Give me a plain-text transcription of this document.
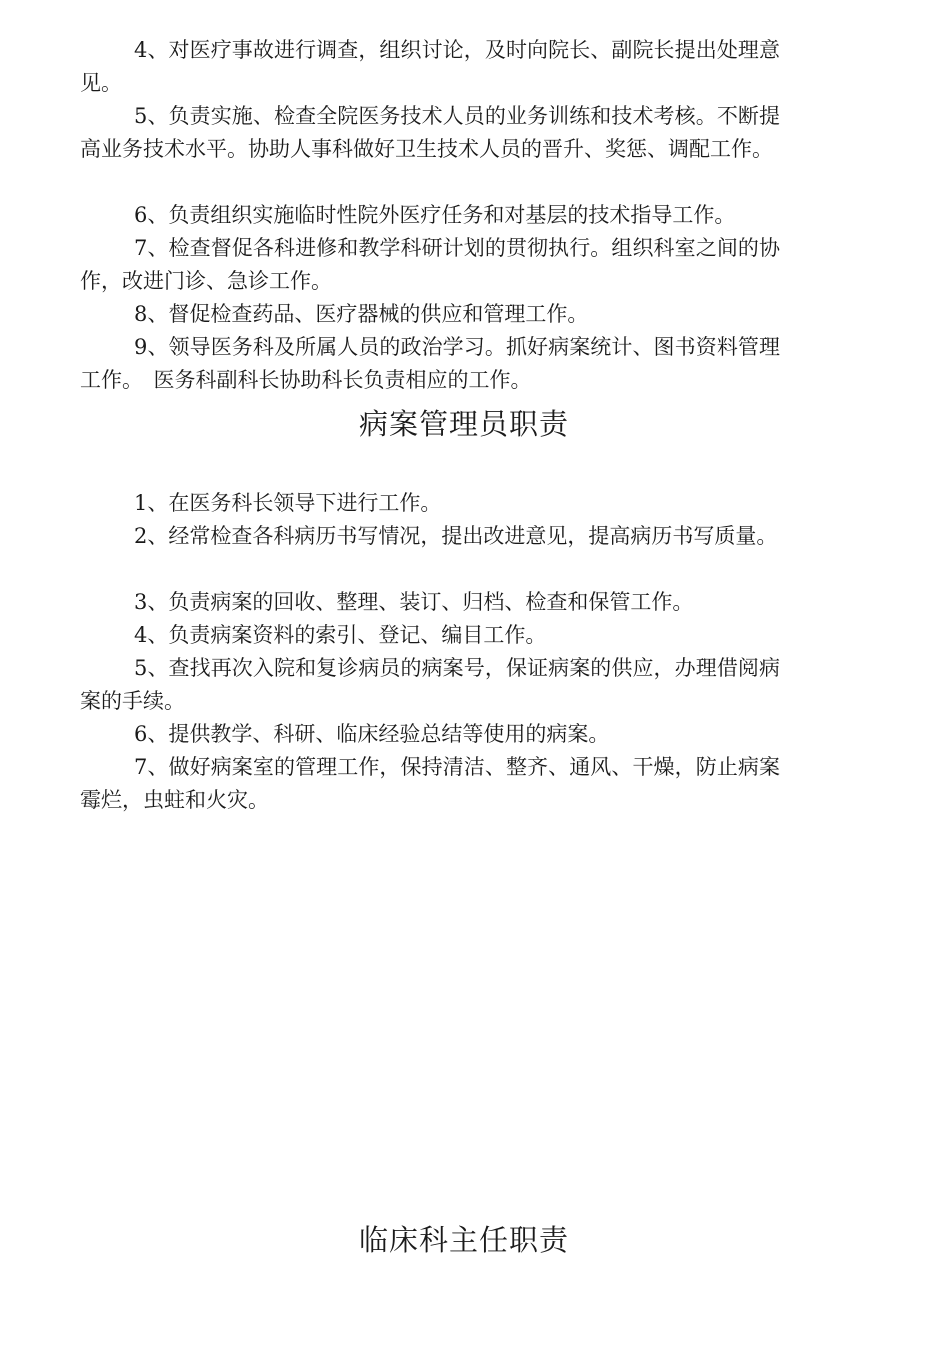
4、对医疗事故进行调查，组织讨论，及时向院长、副院长提出处理意见。

5、负责实施、检查全院医务技术人员的业务训练和技术考核。不断提高业务技术水平。协助人事科做好卫生技术人员的晋升、奖惩、调配工作。

6、负责组织实施临时性院外医疗任务和对基层的技术指导工作。

7、检查督促各科进修和教学科研计划的贯彻执行。组织科室之间的协作，改进门诊、急诊工作。

8、督促检查药品、医疗器械的供应和管理工作。

9、领导医务科及所属人员的政治学习。抓好病案统计、图书资料管理工作。　医务科副科长协助科长负责相应的工作。

病案管理员职责

1、在医务科长领导下进行工作。

2、经常检查各科病历书写情况，提出改进意见，提高病历书写质量。

3、负责病案的回收、整理、装订、归档、检查和保管工作。

4、负责病案资料的索引、登记、编目工作。

5、查找再次入院和复诊病员的病案号，保证病案的供应，办理借阅病案的手续。

6、提供教学、科研、临床经验总结等使用的病案。

7、做好病案室的管理工作，保持清洁、整齐、通风、干燥，防止病案霉烂，虫蛀和火灾。

临床科主任职责
